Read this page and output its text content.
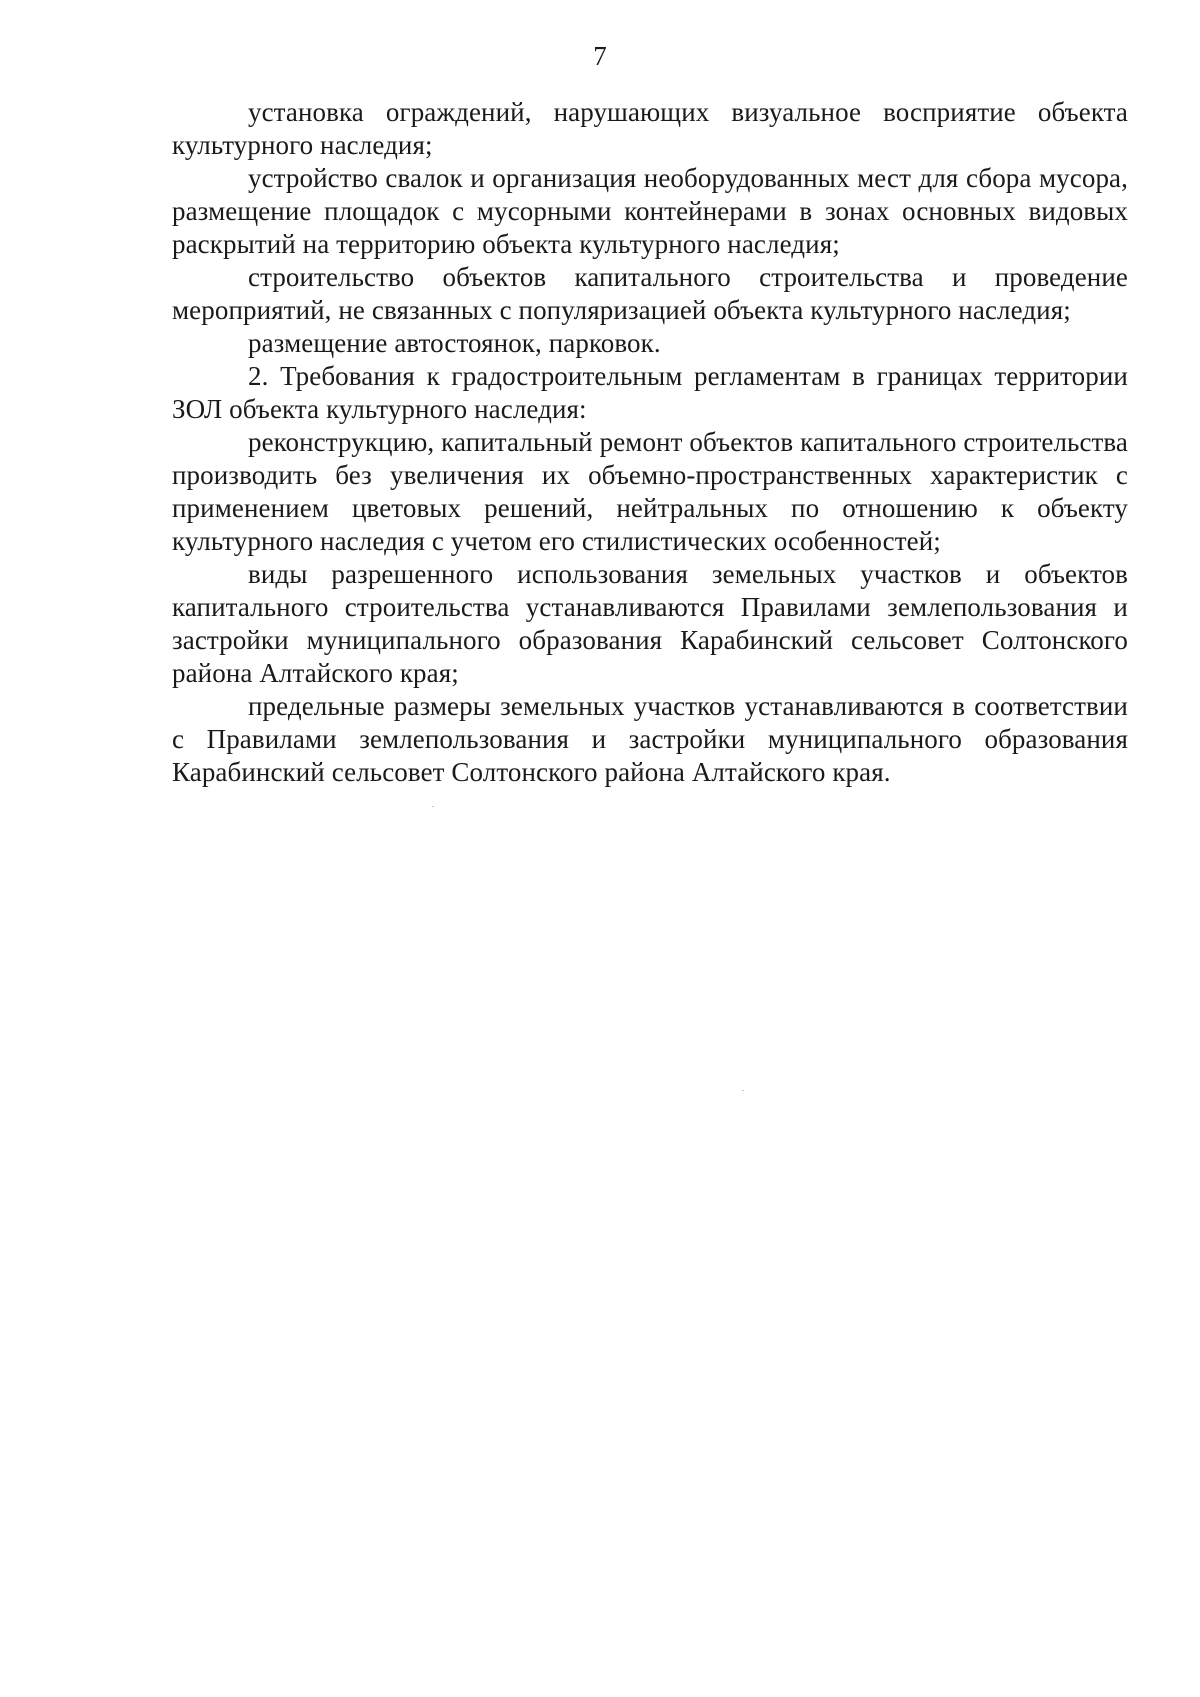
7

установка ограждений, нарушающих визуальное восприятие объекта культурного наследия;

устройство свалок и организация необорудованных мест для сбора мусора, размещение площадок с мусорными контейнерами в зонах основных видовых раскрытий на территорию объекта культурного наследия;

строительство объектов капитального строительства и проведение мероприятий, не связанных с популяризацией объекта культурного наследия;

размещение автостоянок, парковок.

2. Требования к градостроительным регламентам в границах территории ЗОЛ объекта культурного наследия:

реконструкцию, капитальный ремонт объектов капитального строительства производить без увеличения их объемно-пространственных характеристик с применением цветовых решений, нейтральных по отношению к объекту культурного наследия с учетом его стилистических особенностей;

виды разрешенного использования земельных участков и объектов капитального строительства устанавливаются Правилами землепользования и застройки муниципального образования Карабинский сельсовет Солтонского района Алтайского края;

предельные размеры земельных участков устанавливаются в соответствии с Правилами землепользования и застройки муниципального образования Карабинский сельсовет Солтонского района Алтайского края.
